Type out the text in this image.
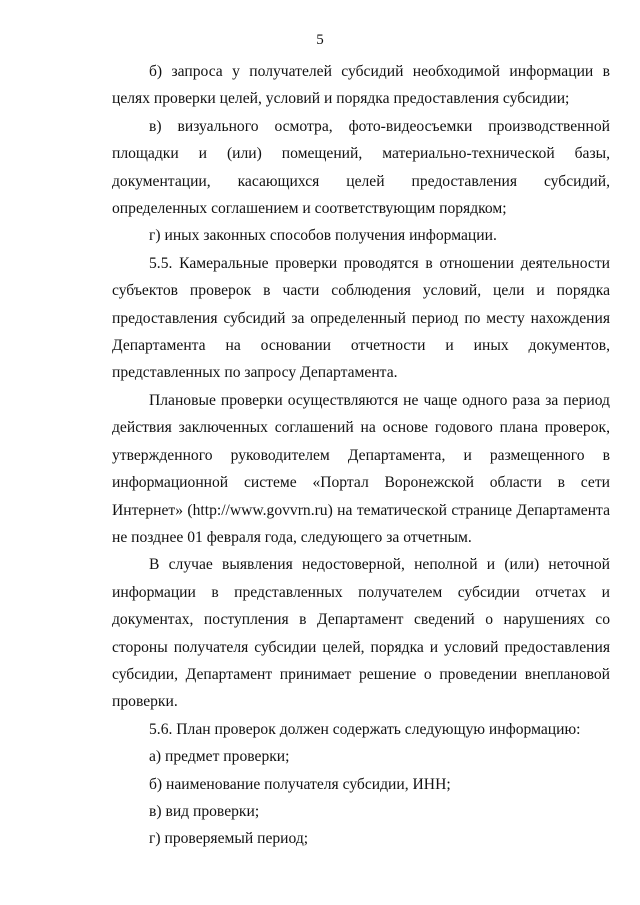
5

б) запроса у получателей субсидий необходимой информации в целях проверки целей, условий и порядка предоставления субсидии;

в) визуального осмотра, фото-видеосъемки производственной площадки и (или) помещений, материально-технической базы, документации, касающихся целей предоставления субсидий, определенных соглашением и соответствующим порядком;

г) иных законных способов получения информации.

5.5. Камеральные проверки проводятся в отношении деятельности субъектов проверок в части соблюдения условий, цели и порядка предоставления субсидий за определенный период по месту нахождения Департамента на основании отчетности и иных документов, представленных по запросу Департамента.

Плановые проверки осуществляются не чаще одного раза за период действия заключенных соглашений на основе годового плана проверок, утвержденного руководителем Департамента, и размещенного в информационной системе «Портал Воронежской области в сети Интернет» (http://www.govvrn.ru) на тематической странице Департамента не позднее 01 февраля года, следующего за отчетным.

В случае выявления недостоверной, неполной и (или) неточной информации в представленных получателем субсидии отчетах и документах, поступления в Департамент сведений о нарушениях со стороны получателя субсидии целей, порядка и условий предоставления субсидии, Департамент принимает решение о проведении внеплановой проверки.

5.6. План проверок должен содержать следующую информацию:

а) предмет проверки;

б) наименование получателя субсидии, ИНН;

в) вид проверки;

г) проверяемый период;
